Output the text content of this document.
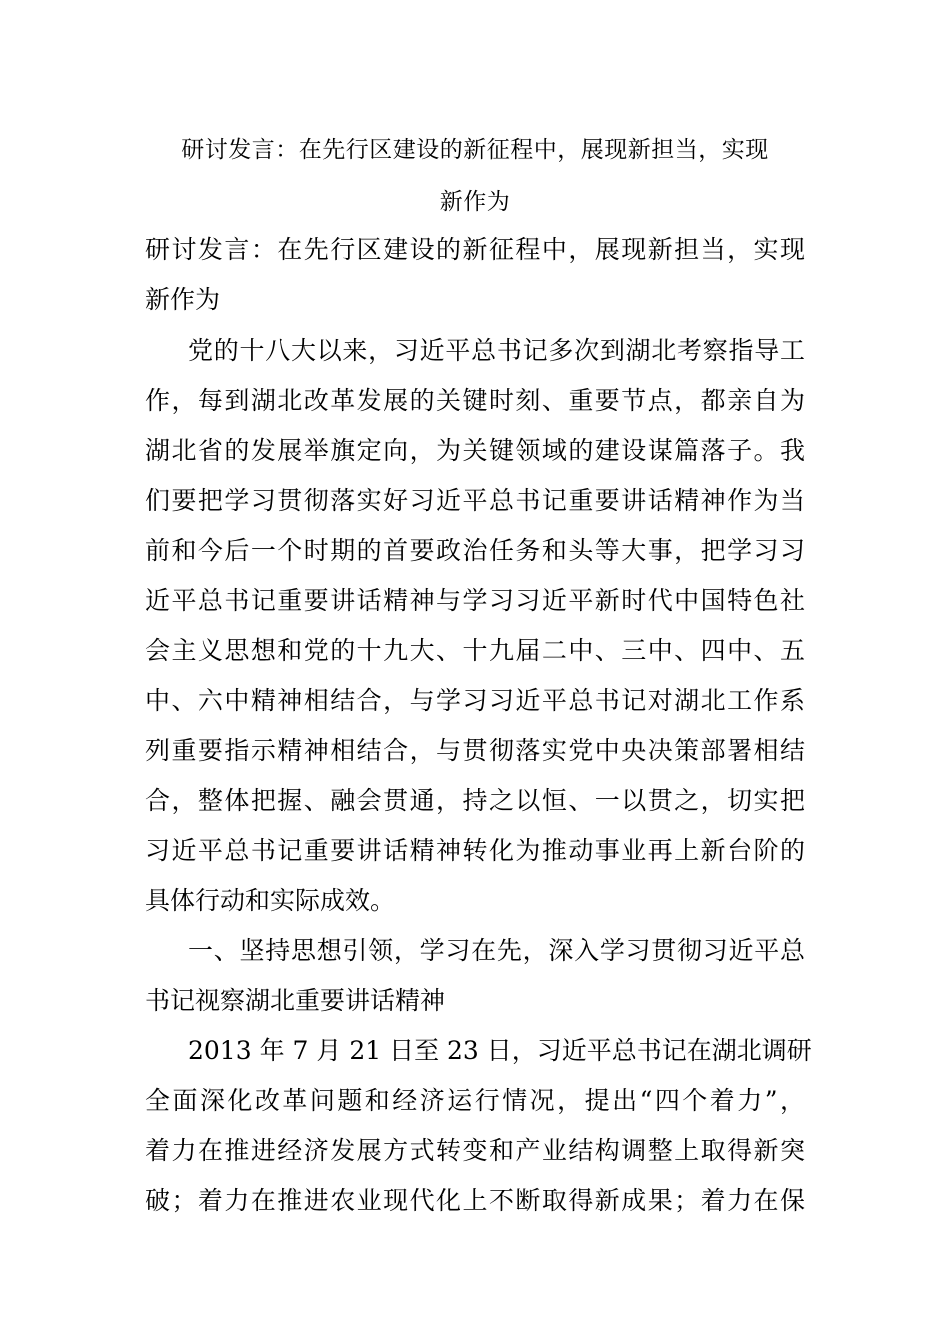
研讨发言：在先行区建设的新征程中，展现新担当，实现
新作为
研讨发言：在先行区建设的新征程中，展现新担当，实现
新作为
党的十八大以来，习近平总书记多次到湖北考察指导工
作，每到湖北改革发展的关键时刻、重要节点，都亲自为
湖北省的发展举旗定向，为关键领域的建设谋篇落子。我
们要把学习贯彻落实好习近平总书记重要讲话精神作为当
前和今后一个时期的首要政治任务和头等大事，把学习习
近平总书记重要讲话精神与学习习近平新时代中国特色社
会主义思想和党的十九大、十九届二中、三中、四中、五
中、六中精神相结合，与学习习近平总书记对湖北工作系
列重要指示精神相结合，与贯彻落实党中央决策部署相结
合，整体把握、融会贯通，持之以恒、一以贯之，切实把
习近平总书记重要讲话精神转化为推动事业再上新台阶的
具体行动和实际成效。
一、坚持思想引领，学习在先，深入学习贯彻习近平总
书记视察湖北重要讲话精神
2013 年 7 月 21 日至 23 日，习近平总书记在湖北调研
全面深化改革问题和经济运行情况，提出“四个着力”，
着力在推进经济发展方式转变和产业结构调整上取得新突
破；着力在推进农业现代化上不断取得新成果；着力在保
